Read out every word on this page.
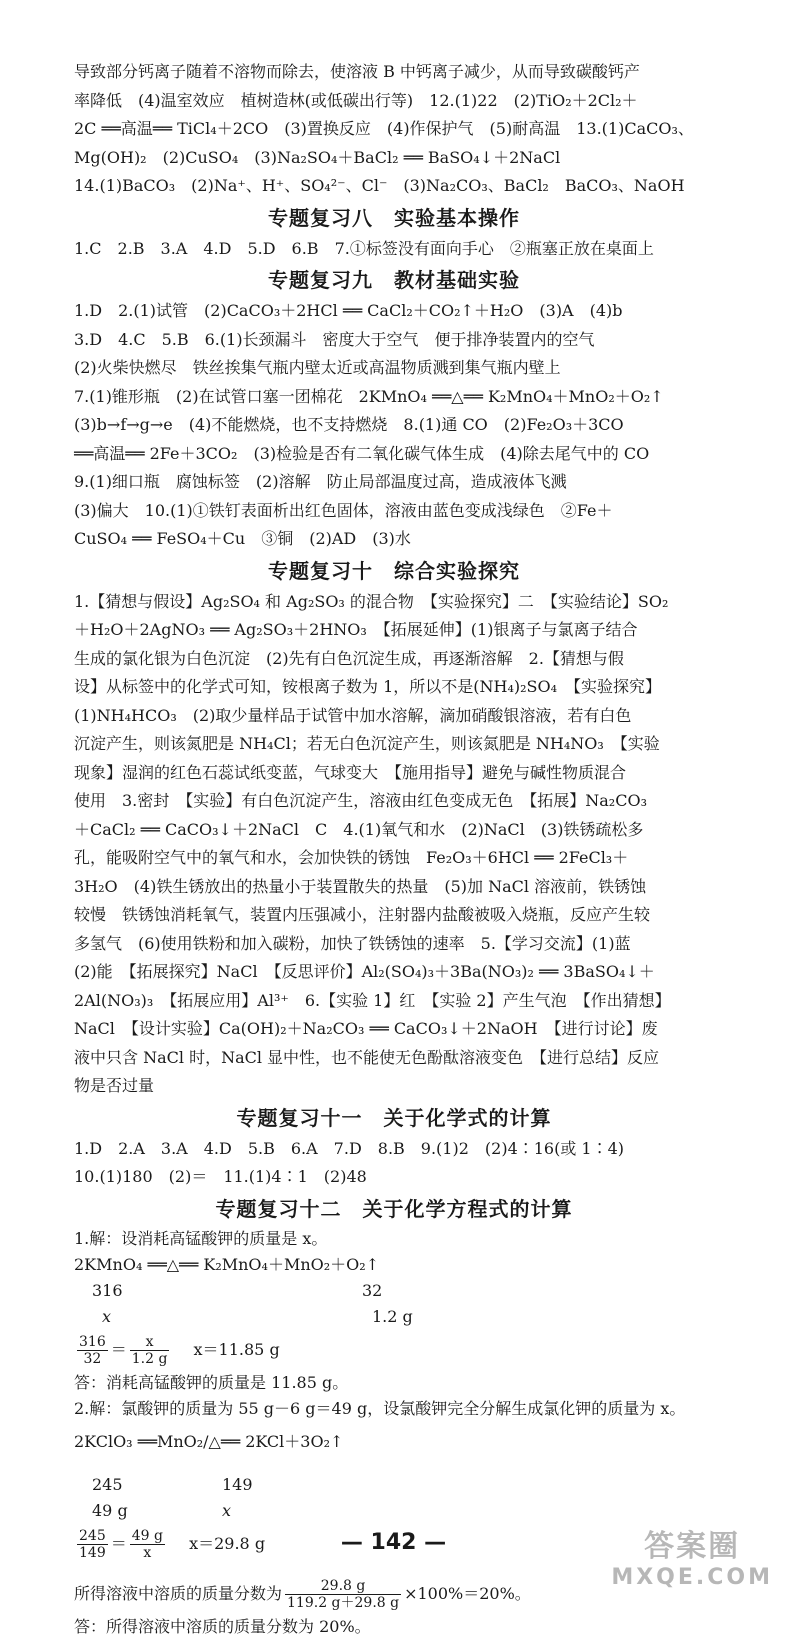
导致部分钙离子随着不溶物而除去，使溶液 B 中钙离子减少，从而导致碳酸钙产

率降低　(4)温室效应　植树造林(或低碳出行等)　12.(1)22　(2)TiO₂＋2Cl₂＋

2C ══高温══ TiCl₄＋2CO　(3)置换反应　(4)作保护气　(5)耐高温　13.(1)CaCO₃、

Mg(OH)₂　(2)CuSO₄　(3)Na₂SO₄＋BaCl₂ ══ BaSO₄↓＋2NaCl

14.(1)BaCO₃　(2)Na⁺、H⁺、SO₄²⁻、Cl⁻　(3)Na₂CO₃、BaCl₂　BaCO₃、NaOH

专题复习八　实验基本操作

1.C　2.B　3.A　4.D　5.D　6.B　7.①标签没有面向手心　②瓶塞正放在桌面上

专题复习九　教材基础实验

1.D　2.(1)试管　(2)CaCO₃＋2HCl ══ CaCl₂＋CO₂↑＋H₂O　(3)A　(4)b

3.D　4.C　5.B　6.(1)长颈漏斗　密度大于空气　便于排净装置内的空气

(2)火柴快燃尽　铁丝挨集气瓶内壁太近或高温物质溅到集气瓶内壁上

7.(1)锥形瓶　(2)在试管口塞一团棉花　2KMnO₄ ══△══ K₂MnO₄＋MnO₂＋O₂↑

(3)b→f→g→e　(4)不能燃烧，也不支持燃烧　8.(1)通 CO　(2)Fe₂O₃＋3CO

══高温══ 2Fe＋3CO₂　(3)检验是否有二氧化碳气体生成　(4)除去尾气中的 CO

9.(1)细口瓶　腐蚀标签　(2)溶解　防止局部温度过高，造成液体飞溅

(3)偏大　10.(1)①铁钉表面析出红色固体，溶液由蓝色变成浅绿色　②Fe＋

CuSO₄ ══ FeSO₄＋Cu　③铜　(2)AD　(3)水

专题复习十　综合实验探究

1.【猜想与假设】Ag₂SO₄ 和 Ag₂SO₃ 的混合物　【实验探究】二　【实验结论】SO₂

＋H₂O＋2AgNO₃ ══ Ag₂SO₃＋2HNO₃　【拓展延伸】(1)银离子与氯离子结合

生成的氯化银为白色沉淀　(2)先有白色沉淀生成，再逐渐溶解　2.【猜想与假

设】从标签中的化学式可知，铵根离子数为 1，所以不是(NH₄)₂SO₄　【实验探究】

(1)NH₄HCO₃　(2)取少量样品于试管中加水溶解，滴加硝酸银溶液，若有白色

沉淀产生，则该氮肥是 NH₄Cl；若无白色沉淀产生，则该氮肥是 NH₄NO₃　【实验

现象】湿润的红色石蕊试纸变蓝，气球变大　【施用指导】避免与碱性物质混合

使用　3.密封　【实验】有白色沉淀产生，溶液由红色变成无色　【拓展】Na₂CO₃

＋CaCl₂ ══ CaCO₃↓＋2NaCl　C　4.(1)氧气和水　(2)NaCl　(3)铁锈疏松多

孔，能吸附空气中的氧气和水，会加快铁的锈蚀　Fe₂O₃＋6HCl ══ 2FeCl₃＋

3H₂O　(4)铁生锈放出的热量小于装置散失的热量　(5)加 NaCl 溶液前，铁锈蚀

较慢　铁锈蚀消耗氧气，装置内压强减小，注射器内盐酸被吸入烧瓶，反应产生较

多氢气　(6)使用铁粉和加入碳粉，加快了铁锈蚀的速率　5.【学习交流】(1)蓝

(2)能　【拓展探究】NaCl　【反思评价】Al₂(SO₄)₃＋3Ba(NO₃)₂ ══ 3BaSO₄↓＋

2Al(NO₃)₃　【拓展应用】Al³⁺　6.【实验 1】红　【实验 2】产生气泡　【作出猜想】

NaCl　【设计实验】Ca(OH)₂＋Na₂CO₃ ══ CaCO₃↓＋2NaOH　【进行讨论】废

液中只含 NaCl 时，NaCl 显中性，也不能使无色酚酞溶液变色　【进行总结】反应

物是否过量

专题复习十一　关于化学式的计算

1.D　2.A　3.A　4.D　5.B　6.A　7.D　8.B　9.(1)2　(2)4∶16(或 1∶4)

10.(1)180　(2)＝　11.(1)4∶1　(2)48

专题复习十二　关于化学方程式的计算

1.解：设消耗高锰酸钾的质量是 x。

2KMnO₄ ══△══ K₂MnO₄＋MnO₂＋O₂↑

316	32

x	1.2 g

$\frac{316}{32} = \frac{x}{1.2 g} x=11.85$ g

答：消耗高锰酸钾的质量是 11.85 g。

2.解：氯酸钾的质量为 55 g－6 g＝49 g，设氯酸钾完全分解生成氯化钾的质量为 x。

2KClO₃ ══MnO₂/△══ 2KCl＋3O₂↑

245	149

49 g	x

$\frac{245}{149} = \frac{49 g}{x} x=29.8$ g

所得溶液中溶质的质量分数为 $\frac{29.8 g}{119.2 g+29.8 g} \times 100\%=20\%$。

答：所得溶液中溶质的质量分数为 20%。

— 142 —	答案圈
MXQE.COM
